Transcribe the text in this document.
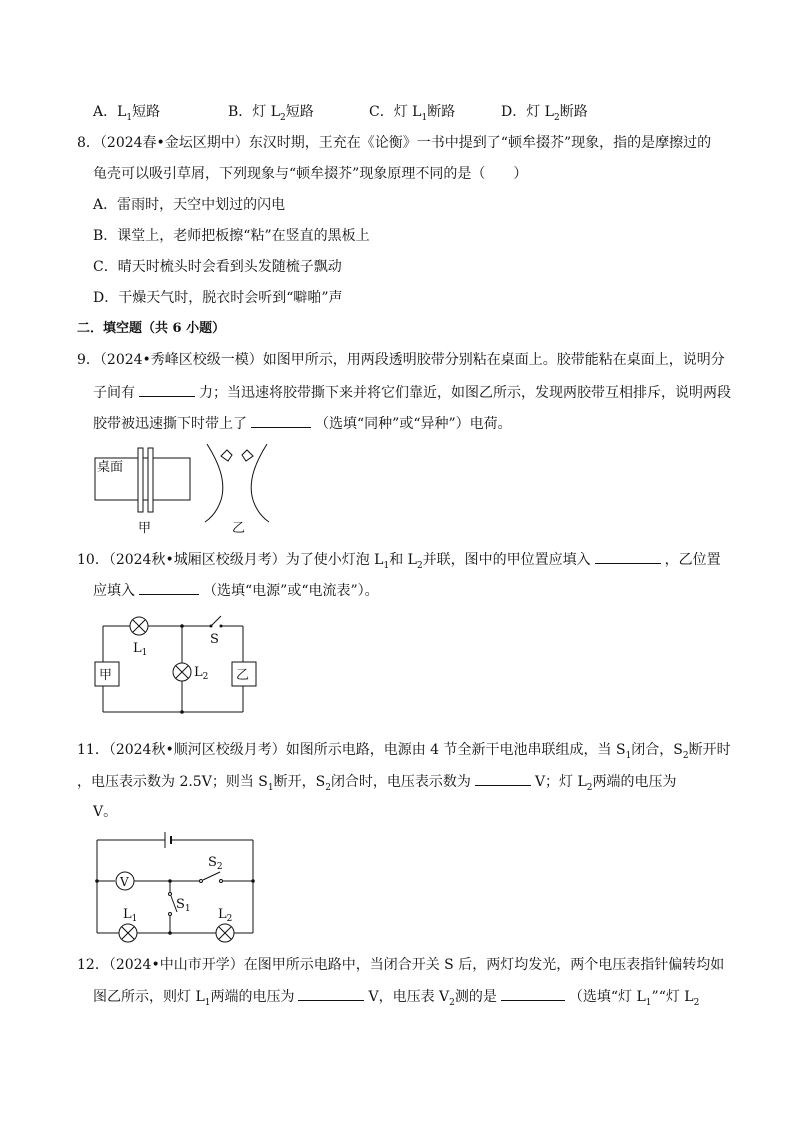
A．$L_1$短路	B．灯 $L_2$短路	C．灯 $L_1$断路	D．灯 $L_2$断路
8．（2024春•金坛区期中）东汉时期，王充在《论衡》一书中提到了“顿牟掇芥”现象，指的是摩擦过的
龟壳可以吸引草屑，下列现象与“顿牟掇芥”现象原理不同的是（　　）
A．雷雨时，天空中划过的闪电
B．课堂上，老师把板擦“粘”在竖直的黑板上
C．晴天时梳头时会看到头发随梳子飘动
D．干燥天气时，脱衣时会听到“噼啪”声
二．填空题（共 6 小题）
9．（2024•秀峰区校级一模）如图甲所示，用两段透明胶带分别粘在桌面上。胶带能粘在桌面上，说明分
子间有	力；当迅速将胶带撕下来并将它们靠近，如图乙所示，发现两胶带互相排斥，说明两段
胶带被迅速撕下时带上了	（选填“同种”或“异种”）电荷。
桌面
甲	乙
10．（2024秋•城厢区校级月考）为了使小灯泡 $L_1$和 $L_2$并联，图中的甲位置应填入	，乙位置
应填入	（选填“电源”或“电流表”）。
S
$L_1$
甲	$L_2$ 乙
11．（2024秋•顺河区校级月考）如图所示电路，电源由 4 节全新干电池串联组成，当 $S_1$闭合，$S_2$断开时
，电压表示数为 2.5V；则当 $S_1$断开，$S_2$闭合时，电压表示数为	V；灯 $L_2$两端的电压为
V。
V
$S_2$
$S_1$
$L_1$	$L_2$
12．（2024•中山市开学）在图甲所示电路中，当闭合开关 S 后，两灯均发光，两个电压表指针偏转均如
图乙所示，则灯 $L_1$两端的电压为	V，电压表 $V_2$测的是	（选填“灯 $L_1”“$灯 $L_2$
